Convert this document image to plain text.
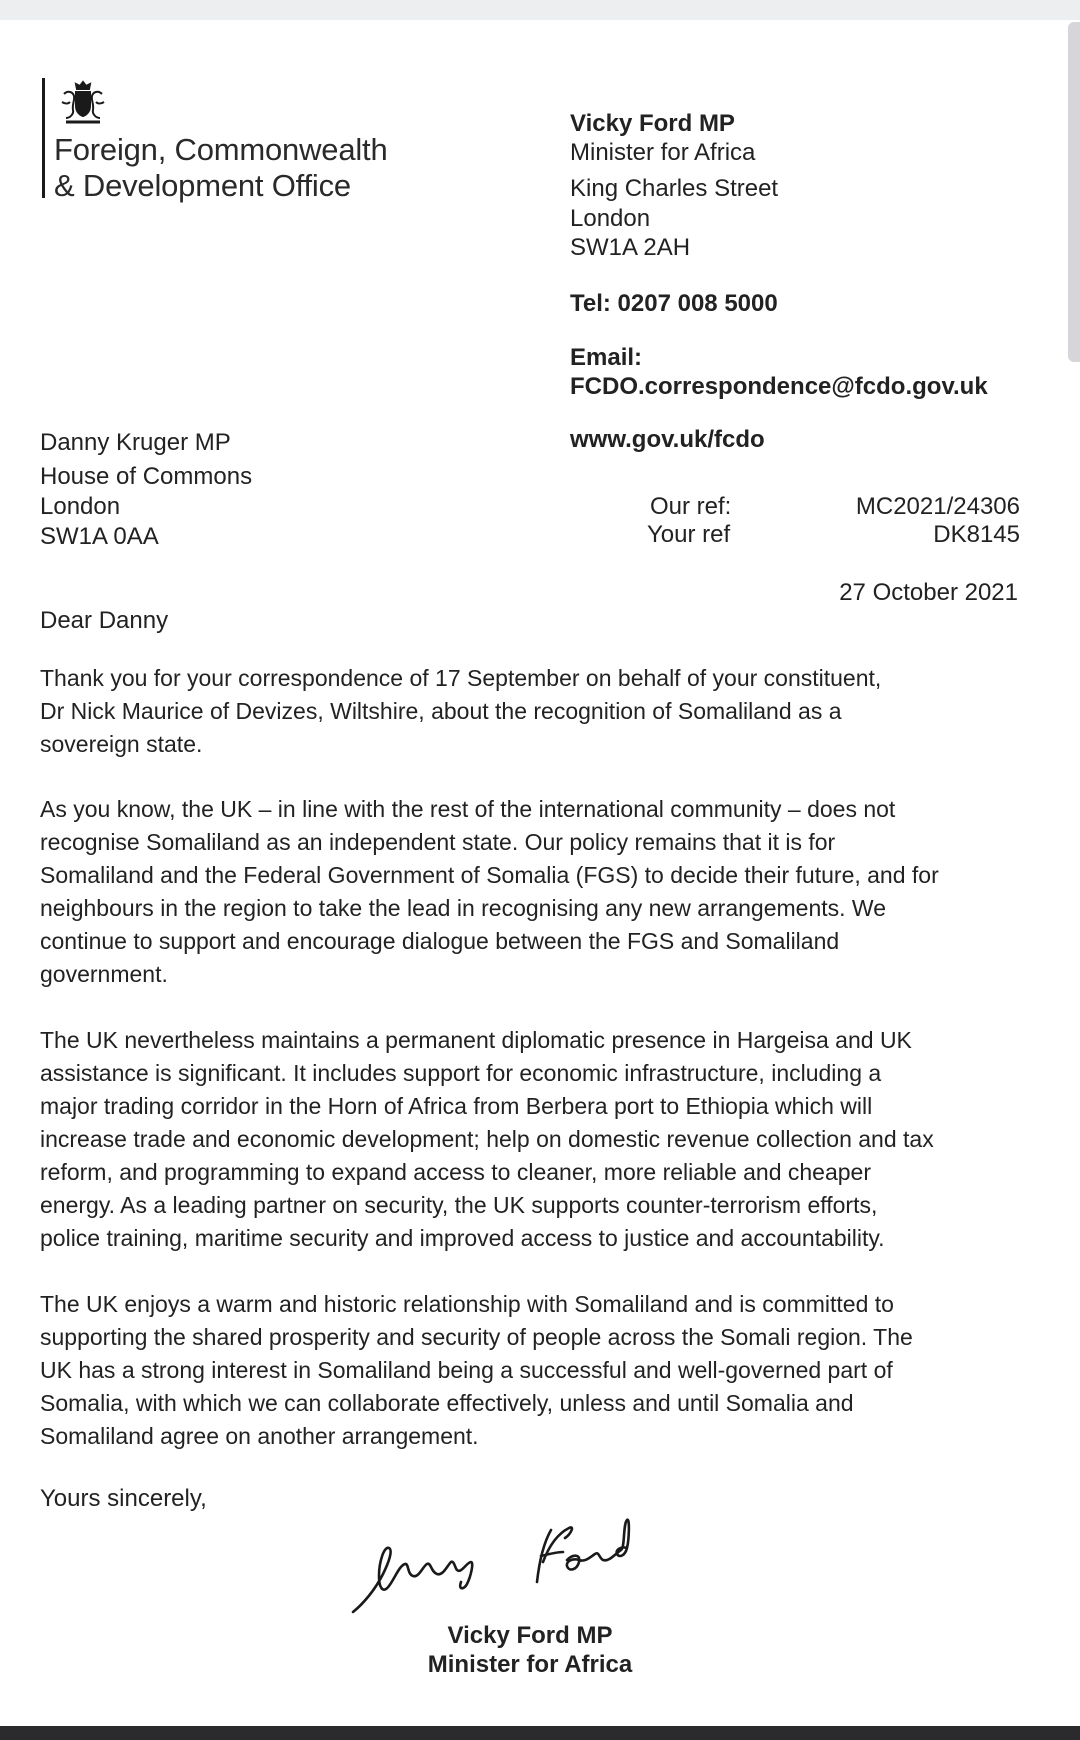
Foreign, Commonwealth
& Development Office
Vicky Ford MP
Minister for Africa
King Charles Street
London
SW1A 2AH
Tel: 0207 008 5000
Email:
FCDO.correspondence@fcdo.gov.uk
www.gov.uk/fcdo
Danny Kruger MP
House of Commons
London
SW1A 0AA
Our ref:	MC2021/24306
Your ref	DK8145
27 October 2021
Dear Danny
Thank you for your correspondence of 17 September on behalf of your constituent,
Dr Nick Maurice of Devizes, Wiltshire, about the recognition of Somaliland as a
sovereign state.
As you know, the UK – in line with the rest of the international community – does not
recognise Somaliland as an independent state. Our policy remains that it is for
Somaliland and the Federal Government of Somalia (FGS) to decide their future, and for
neighbours in the region to take the lead in recognising any new arrangements. We
continue to support and encourage dialogue between the FGS and Somaliland
government.
The UK nevertheless maintains a permanent diplomatic presence in Hargeisa and UK
assistance is significant. It includes support for economic infrastructure, including a
major trading corridor in the Horn of Africa from Berbera port to Ethiopia which will
increase trade and economic development; help on domestic revenue collection and tax
reform, and programming to expand access to cleaner, more reliable and cheaper
energy. As a leading partner on security, the UK supports counter-terrorism efforts,
police training, maritime security and improved access to justice and accountability.
The UK enjoys a warm and historic relationship with Somaliland and is committed to
supporting the shared prosperity and security of people across the Somali region. The
UK has a strong interest in Somaliland being a successful and well-governed part of
Somalia, with which we can collaborate effectively, unless and until Somalia and
Somaliland agree on another arrangement.
Yours sincerely,
Vicky Ford MP
Minister for Africa
